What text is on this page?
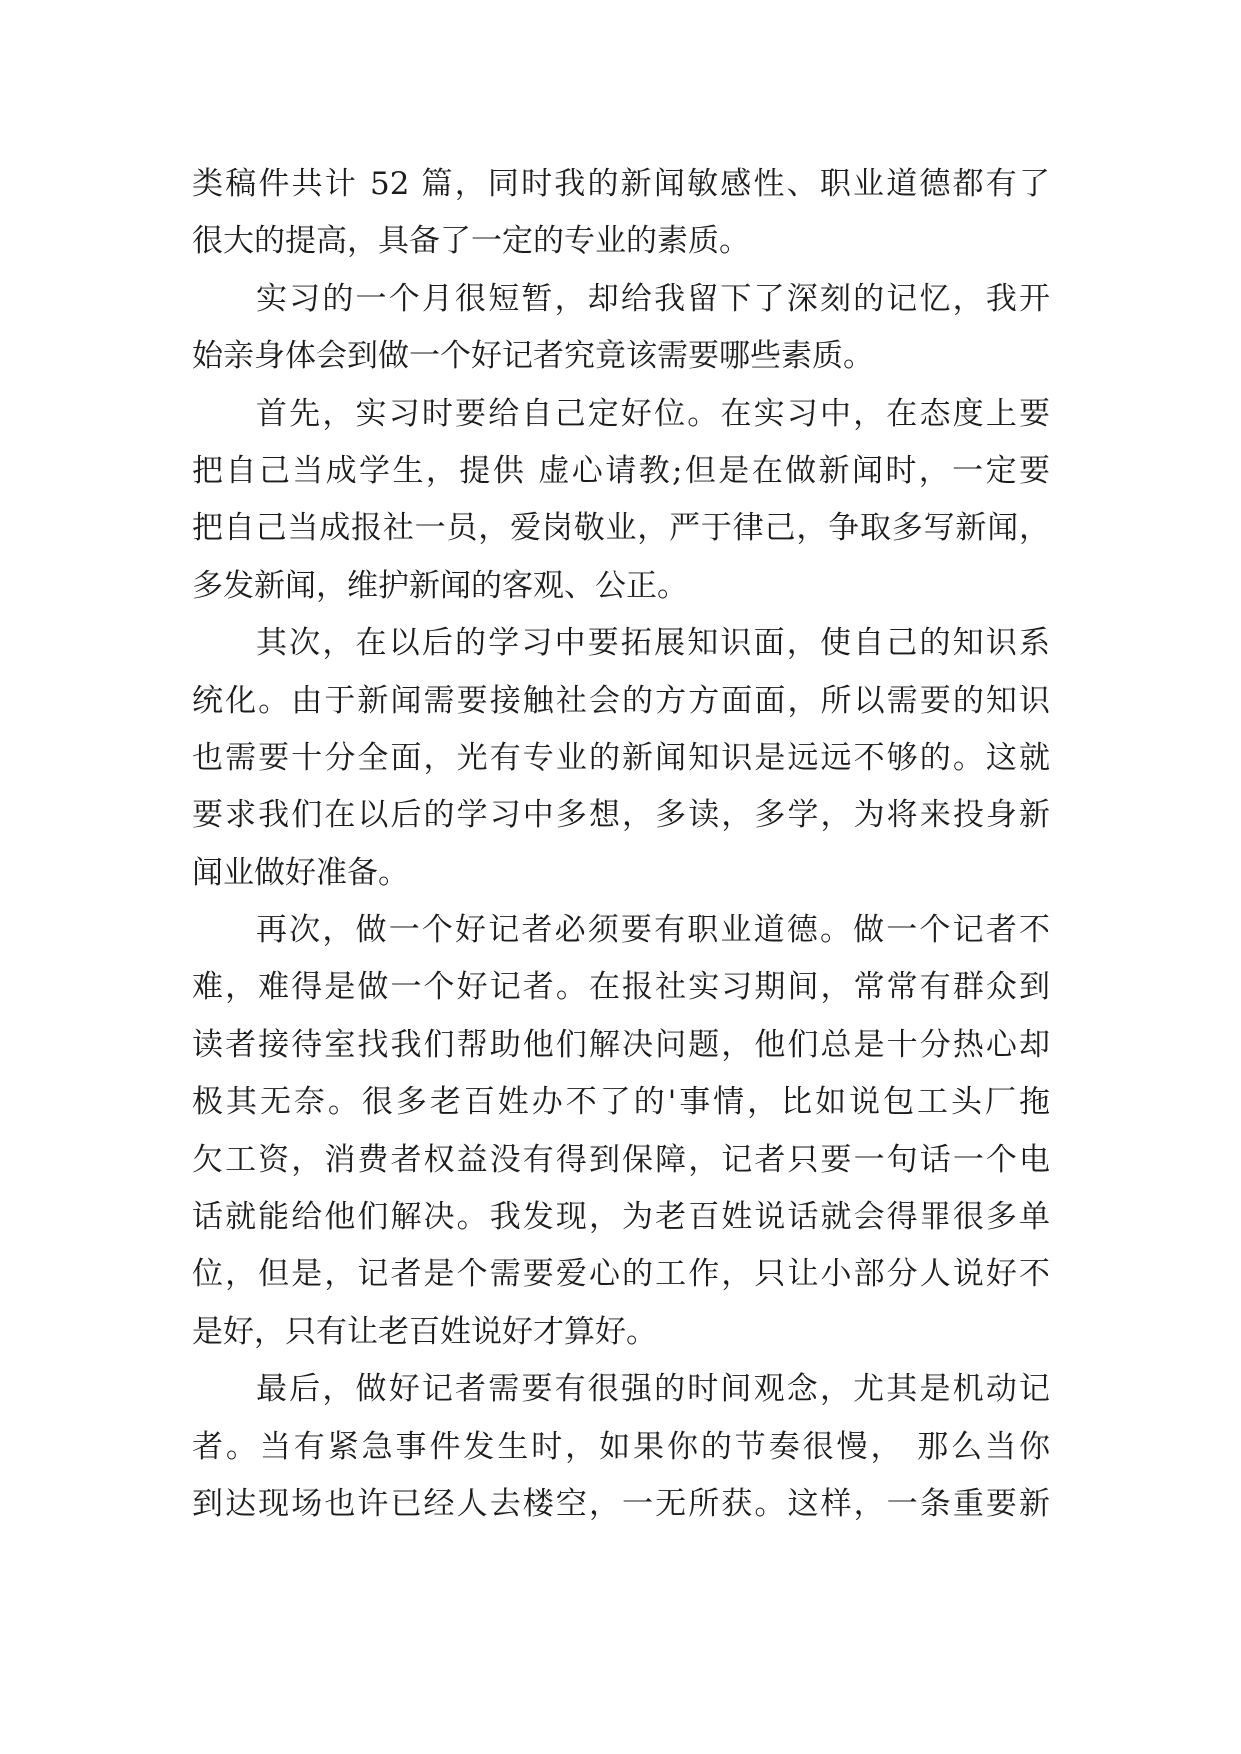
类稿件共计 52 篇，同时我的新闻敏感性、职业道德都有了
很大的提高，具备了一定的专业的素质。
实习的一个月很短暂，却给我留下了深刻的记忆，我开
始亲身体会到做一个好记者究竟该需要哪些素质。
首先，实习时要给自己定好位。在实习中，在态度上要
把自己当成学生，提供 虚心请教;但是在做新闻时，一定要
把自己当成报社一员，爱岗敬业，严于律己，争取多写新闻，
多发新闻，维护新闻的客观、公正。
其次，在以后的学习中要拓展知识面，使自己的知识系
统化。由于新闻需要接触社会的方方面面，所以需要的知识
也需要十分全面，光有专业的新闻知识是远远不够的。这就
要求我们在以后的学习中多想，多读，多学，为将来投身新
闻业做好准备。
再次，做一个好记者必须要有职业道德。做一个记者不
难，难得是做一个好记者。在报社实习期间，常常有群众到
读者接待室找我们帮助他们解决问题，他们总是十分热心却
极其无奈。很多老百姓办不了的'事情，比如说包工头厂拖
欠工资，消费者权益没有得到保障，记者只要一句话一个电
话就能给他们解决。我发现，为老百姓说话就会得罪很多单
位，但是，记者是个需要爱心的工作，只让小部分人说好不
是好，只有让老百姓说好才算好。
最后，做好记者需要有很强的时间观念，尤其是机动记
者。当有紧急事件发生时，如果你的节奏很慢， 那么当你
到达现场也许已经人去楼空，一无所获。这样，一条重要新
